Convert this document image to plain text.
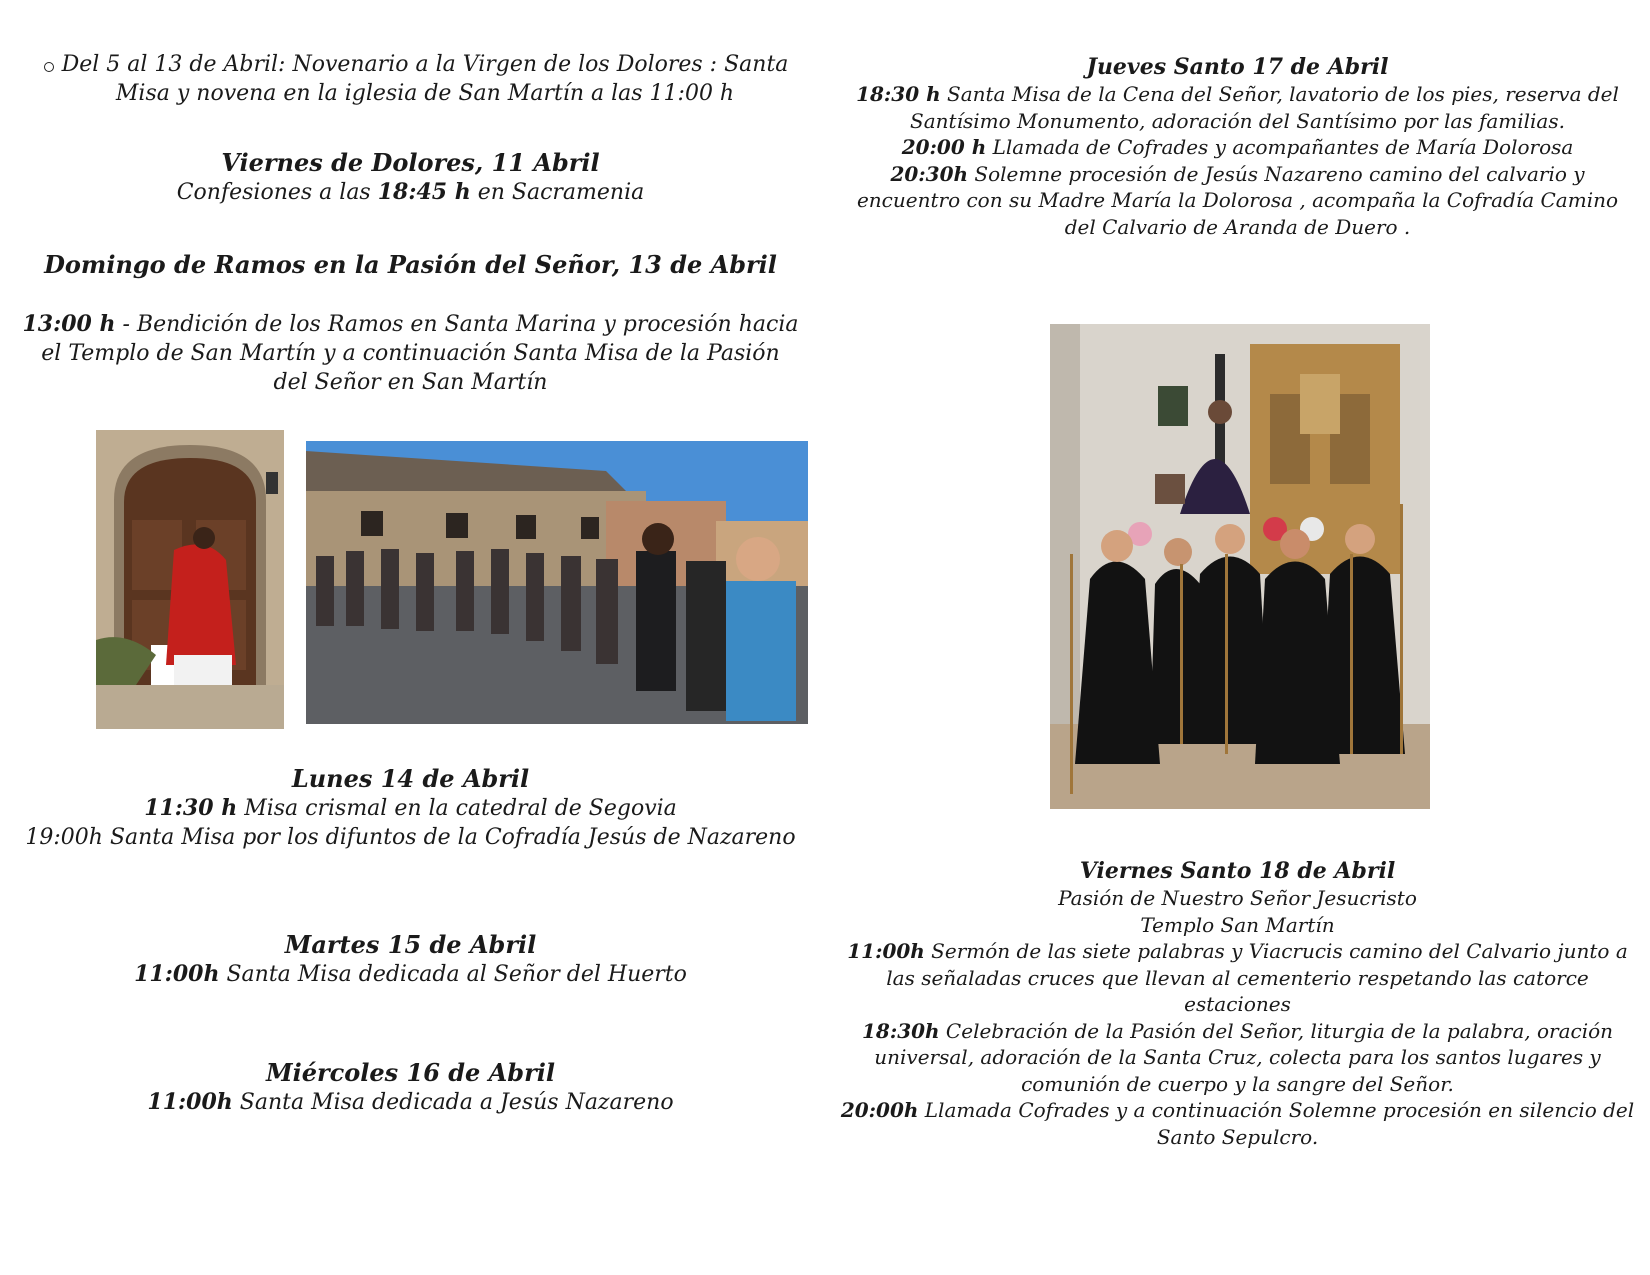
Del 5 al 13 de Abril: Novenario a la Virgen de los Dolores : Santa

Misa y novena en la iglesia de San Martín a las 11:00 h

Viernes de Dolores, 11 Abril

Confesiones a las 18:45 h en Sacramenia

Domingo de Ramos en la Pasión del Señor, 13 de Abril

13:00 h - Bendición de los Ramos en Santa Marina y procesión hacia

el Templo de San Martín y a continuación Santa Misa de la Pasión

del Señor en San Martín

Lunes 14 de Abril

11:30 h Misa crismal en la catedral de Segovia

19:00h Santa Misa por los difuntos de la Cofradía Jesús de Nazareno

Martes 15 de Abril

11:00h Santa Misa dedicada al Señor del Huerto

Miércoles 16 de Abril

11:00h Santa Misa dedicada a Jesús Nazareno

Jueves Santo 17 de Abril

18:30 h Santa Misa de la Cena del Señor, lavatorio de los pies, reserva del

Santísimo Monumento, adoración del Santísimo por las familias.

20:00 h Llamada de Cofrades y acompañantes de María Dolorosa

20:30h Solemne procesión de Jesús Nazareno camino del calvario y

encuentro con su Madre María la Dolorosa , acompaña la Cofradía Camino

del Calvario de Aranda de Duero .

Viernes Santo 18 de Abril

Pasión de Nuestro Señor Jesucristo

Templo San Martín

11:00h Sermón de las siete palabras y Viacrucis camino del Calvario junto a

las señaladas cruces que llevan al cementerio respetando las catorce

estaciones

18:30h Celebración de la Pasión del Señor, liturgia de la palabra, oración

universal, adoración de la Santa Cruz, colecta para los santos lugares y

comunión de cuerpo y la sangre del Señor.

20:00h Llamada Cofrades y a continuación Solemne procesión en silencio del

Santo Sepulcro.
